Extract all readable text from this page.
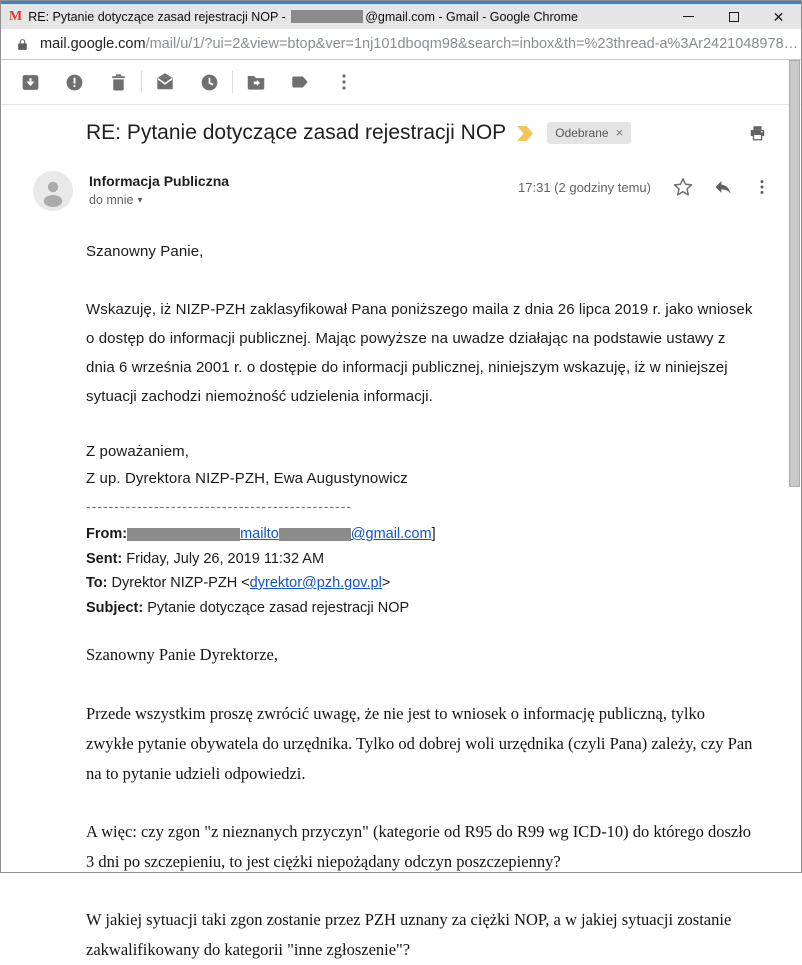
M RE: Pytanie dotyczące zasad rejestracji NOP -	@gmail.com - Gmail - Google Chrome	✕
mail.google.com/mail/u/1/?ui=2&view=btop&ver=1nj101dboqm98&search=inbox&th=%23thread-a%3Ar2421048978…
RE: Pytanie dotyczące zasad rejestracji NOP	Odebrane ×
Informacja Publiczna
do mnie ▾
17:31 (2 godziny temu)

Szanowny Panie,

Wskazuję, iż NIZP-PZH zaklasyfikował Pana poniższego maila z dnia 26 lipca 2019 r. jako wniosek o dostęp do informacji publicznej. Mając powyższe na uwadze działając na podstawie ustawy z dnia 6 września 2001 r. o dostępie do informacji publicznej, niniejszym wskazuję, iż w niniejszej sytuacji zachodzi niemożność udzielenia informacji.

Z poważaniem,

Z up. Dyrektora NIZP-PZH, Ewa Augustynowicz

-----------------------------------------------

From:	mailto	@gmail.com]
Sent: Friday, July 26, 2019 11:32 AM
To: Dyrektor NIZP-PZH <dyrektor@pzh.gov.pl>
Subject: Pytanie dotyczące zasad rejestracji NOP

Szanowny Panie Dyrektorze,

Przede wszystkim proszę zwrócić uwagę, że nie jest to wniosek o informację publiczną, tylko zwykłe pytanie obywatela do urzędnika. Tylko od dobrej woli urzędnika (czyli Pana) zależy, czy Pan na to pytanie udzieli odpowiedzi.

A więc: czy zgon "z nieznanych przyczyn" (kategorie od R95 do R99 wg ICD-10) do którego doszło 3 dni po szczepieniu, to jest ciężki niepożądany odczyn poszczepienny?

W jakiej sytuacji taki zgon zostanie przez PZH uznany za ciężki NOP, a w jakiej sytuacji zostanie zakwalifikowany do kategorii "inne zgłoszenie"?
